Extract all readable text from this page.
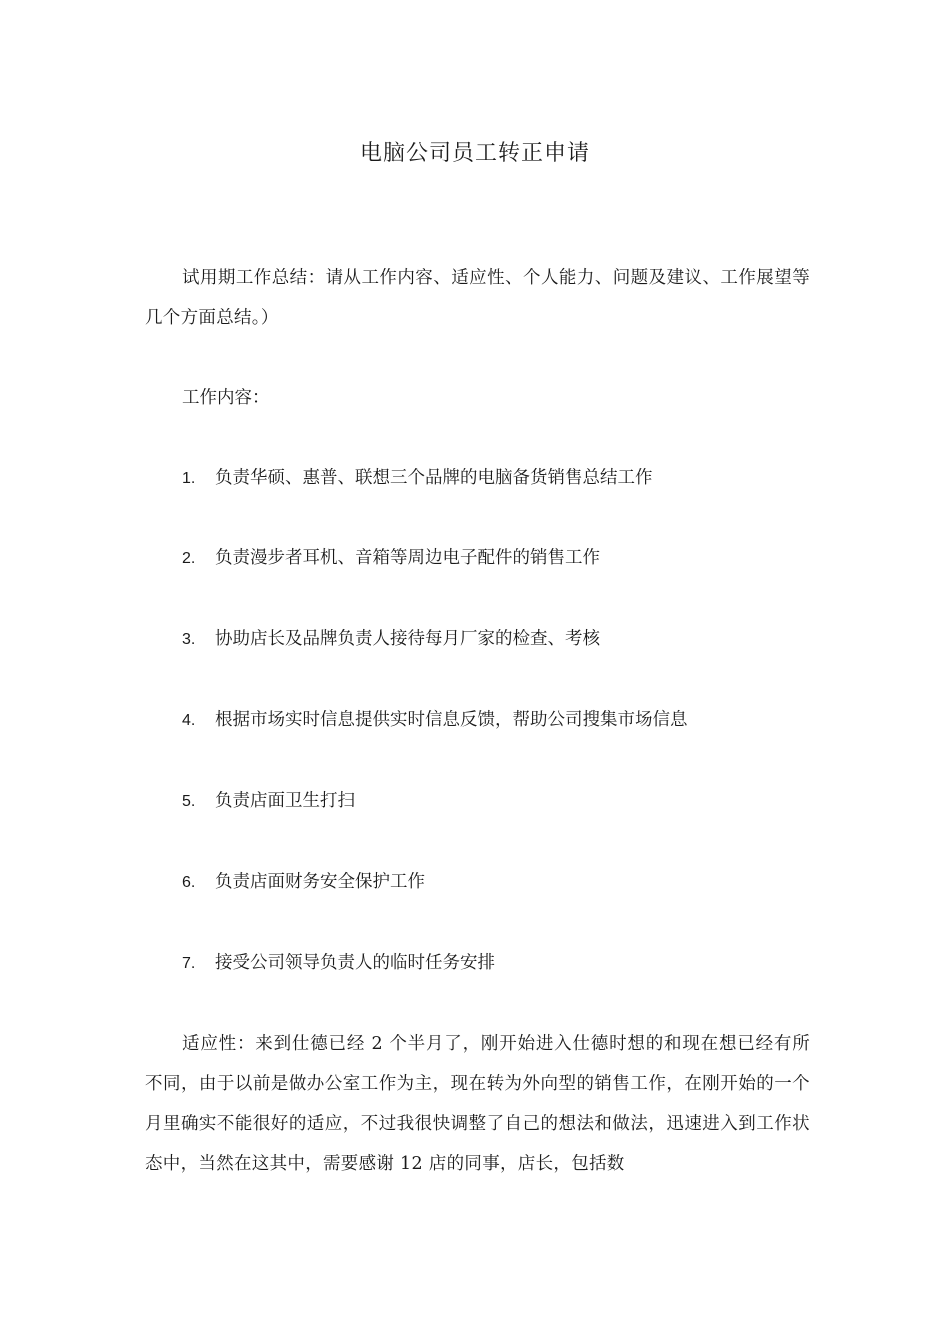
电脑公司员工转正申请
试用期工作总结：请从工作内容、适应性、个人能力、问题及建议、工作展望等几个方面总结。）
工作内容：
1. 负责华硕、惠普、联想三个品牌的电脑备货销售总结工作
2. 负责漫步者耳机、音箱等周边电子配件的销售工作
3. 协助店长及品牌负责人接待每月厂家的检查、考核
4. 根据市场实时信息提供实时信息反馈，帮助公司搜集市场信息
5. 负责店面卫生打扫
6. 负责店面财务安全保护工作
7. 接受公司领导负责人的临时任务安排
适应性：来到仕德已经 2 个半月了，刚开始进入仕德时想的和现在想已经有所不同，由于以前是做办公室工作为主，现在转为外向型的销售工作，在刚开始的一个月里确实不能很好的适应，不过我很快调整了自己的想法和做法，迅速进入到工作状态中，当然在这其中，需要感谢 12 店的同事，店长，包括数
